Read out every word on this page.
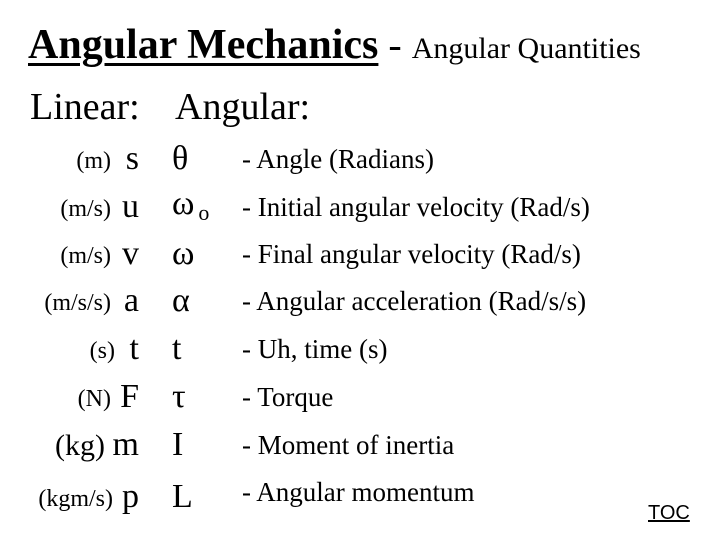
Angular Mechanics - Angular Quantities
Linear: Angular:
(m) s θ - Angle (Radians)
(m/s) u ω $_o$ - Initial angular velocity (Rad/s)
(m/s) v ω - Final angular velocity (Rad/s)
(m/s/s) a α - Angular acceleration (Rad/s/s)
(s) t t - Uh, time (s)
(N) F τ - Torque
(kg) m I - Moment of inertia
(kgm/s) p L - Angular momentum
TOC
